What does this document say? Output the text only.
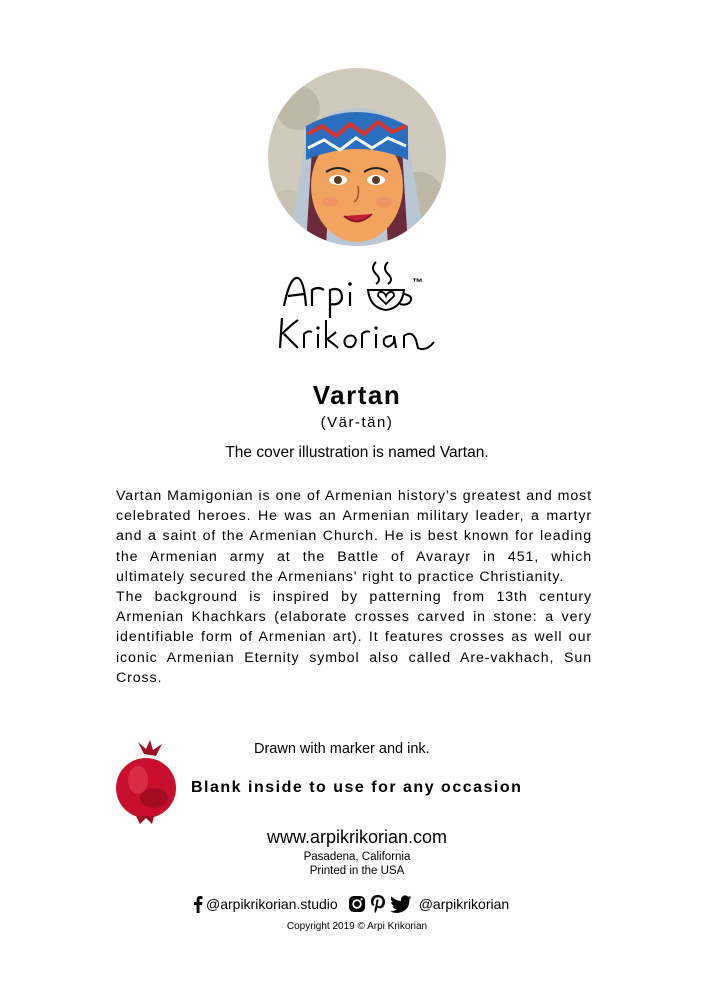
™
Vartan
(Vär-tän)
The cover illustration is named Vartan.

Vartan Mamigonian is one of Armenian history’s greatest and most celebrated heroes. He was an Armenian military leader, a martyr and a saint of the Armenian Church. He is best known for leading the Armenian army at the Battle of Avarayr in 451, which ultimately secured the Armenians' right to practice Christianity.

The background is inspired by patterning from 13th century Armenian Khachkars (elaborate crosses carved in stone: a very identifiable form of Armenian art). It features crosses as well our iconic Armenian Eternity symbol also called Are-vakhach, Sun Cross.

Drawn with marker and ink.
Blank inside to use for any occasion
www.arpikrikorian.com
Pasadena, California
Printed in the USA
@arpikrikorian.studio	@arpikrikorian
Copyright 2019 © Arpi Krikorian
